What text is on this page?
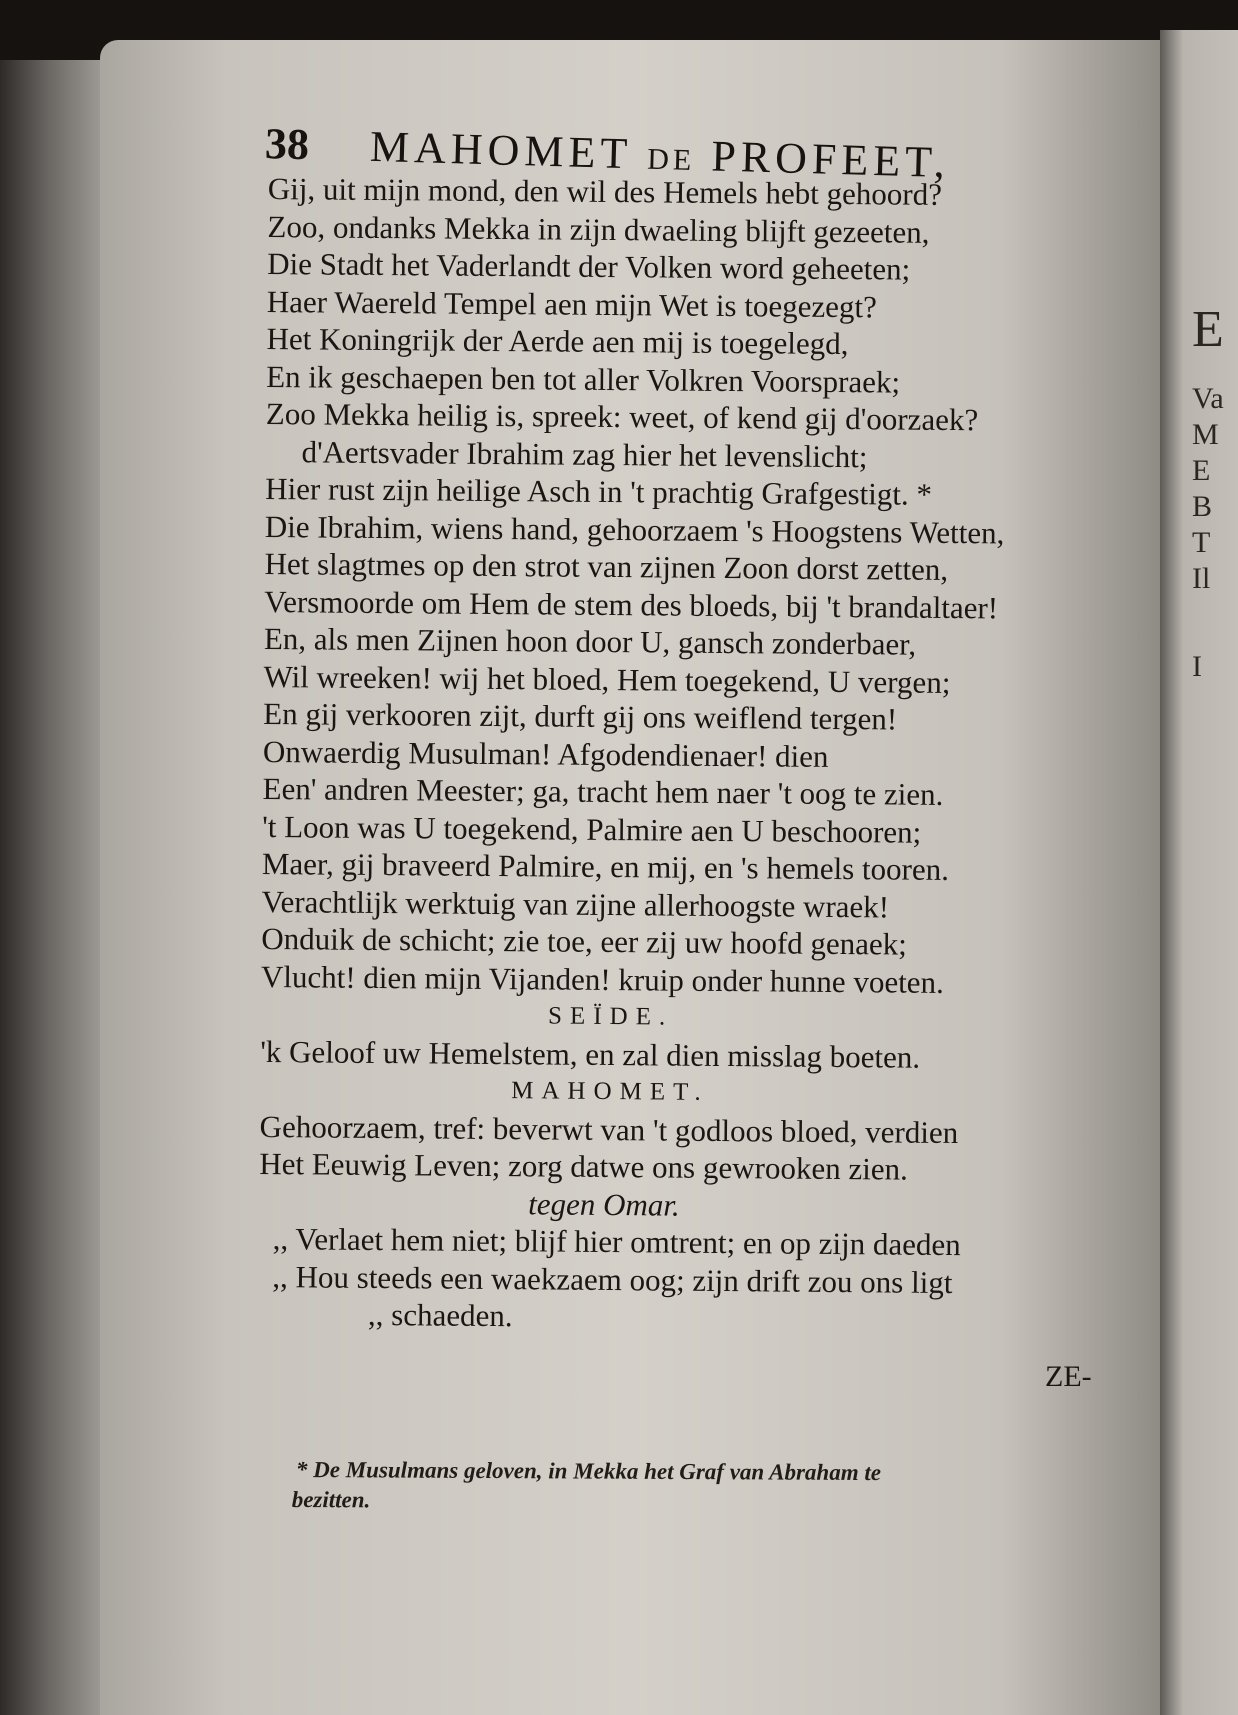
E
Va
M
E
B
T
Il
I
38 MAHOMET DE PROFEET,
Gij, uit mijn mond, den wil des Hemels hebt gehoord?
Zoo, ondanks Mekka in zijn dwaeling blijft gezeeten,
Die Stadt het Vaderlandt der Volken word geheeten;
Haer Waereld Tempel aen mijn Wet is toegezegt?
Het Koningrijk der Aerde aen mij is toegelegd,
En ik geschaepen ben tot aller Volkren Voorspraek;
Zoo Mekka heilig is, spreek: weet, of kend gij d'oorzaek?
d'Aertsvader Ibrahim zag hier het levenslicht;
Hier rust zijn heilige Asch in 't prachtig Grafgestigt. *
Die Ibrahim, wiens hand, gehoorzaem 's Hoogstens Wetten,
Het slagtmes op den strot van zijnen Zoon dorst zetten,
Versmoorde om Hem de stem des bloeds, bij 't brandaltaer!
En, als men Zijnen hoon door U, gansch zonderbaer,
Wil wreeken! wij het bloed, Hem toegekend, U vergen;
En gij verkooren zijt, durft gij ons weiflend tergen!
Onwaerdig Musulman! Afgodendienaer! dien
Een' andren Meester; ga, tracht hem naer 't oog te zien.
't Loon was U toegekend, Palmire aen U beschooren;
Maer, gij braveerd Palmire, en mij, en 's hemels tooren.
Verachtlijk werktuig van zijne allerhoogste wraek!
Onduik de schicht; zie toe, eer zij uw hoofd genaek;
Vlucht! dien mijn Vijanden! kruip onder hunne voeten.
SEÏDE.
'k Geloof uw Hemelstem, en zal dien misslag boeten.
MAHOMET.
Gehoorzaem, tref: beverwt van 't godloos bloed, verdien
Het Eeuwig Leven; zorg datwe ons gewrooken zien.
tegen Omar.
,, Verlaet hem niet; blijf hier omtrent; en op zijn daeden
,, Hou steeds een waekzaem oog; zijn drift zou ons ligt
,, schaeden.
ZE-
* De Musulmans geloven, in Mekka het Graf van Abraham te
bezitten.
